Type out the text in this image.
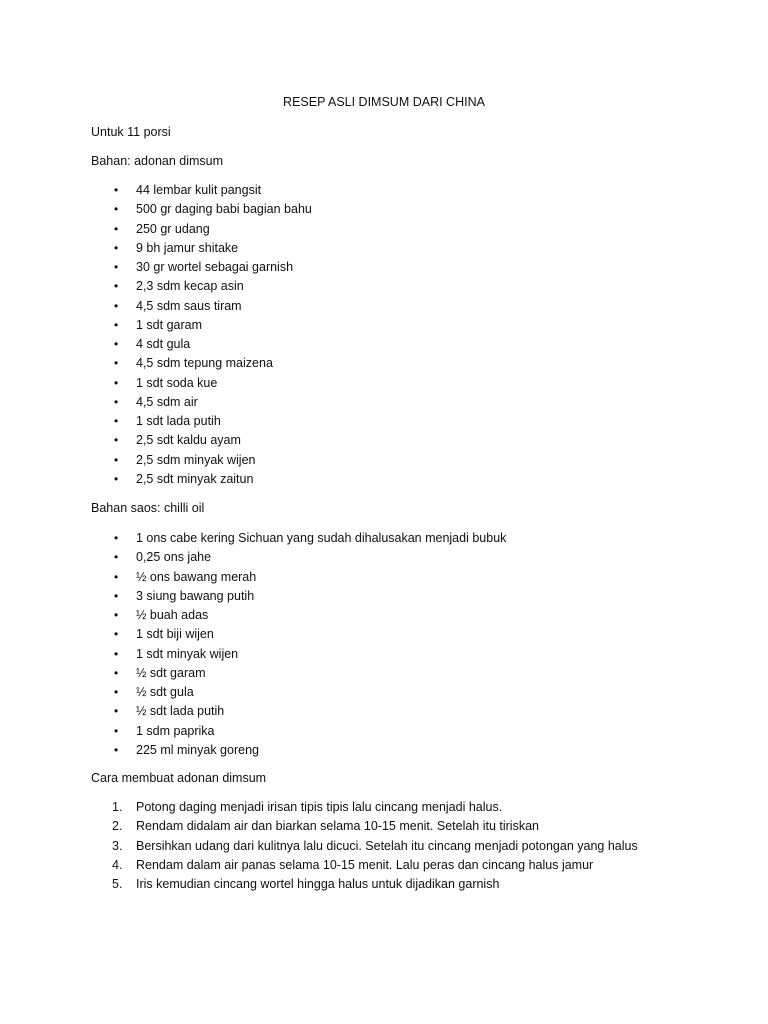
RESEP ASLI DIMSUM DARI CHINA
Untuk 11 porsi
Bahan: adonan dimsum
• 44 lembar kulit pangsit
• 500 gr daging babi bagian bahu
• 250 gr udang
• 9 bh jamur shitake
• 30 gr wortel sebagai garnish
• 2,3 sdm kecap asin
• 4,5 sdm saus tiram
• 1 sdt garam
• 4 sdt gula
• 4,5 sdm tepung maizena
• 1 sdt soda kue
• 4,5 sdm air
• 1 sdt lada putih
• 2,5 sdt kaldu ayam
• 2,5 sdm minyak wijen
• 2,5 sdt minyak zaitun
Bahan saos: chilli oil
• 1 ons cabe kering Sichuan yang sudah dihalusakan menjadi bubuk
• 0,25 ons jahe
• ½ ons bawang merah
• 3 siung bawang putih
• ½ buah adas
• 1 sdt biji wijen
• 1 sdt minyak wijen
• ½ sdt garam
• ½ sdt gula
• ½ sdt lada putih
• 1 sdm paprika
• 225 ml minyak goreng
Cara membuat adonan dimsum
1. Potong daging menjadi irisan tipis tipis lalu cincang menjadi halus.
2. Rendam didalam air dan biarkan selama 10-15 menit. Setelah itu tiriskan
3. Bersihkan udang dari kulitnya lalu dicuci. Setelah itu cincang menjadi potongan yang halus
4. Rendam dalam air panas selama 10-15 menit. Lalu peras dan cincang halus jamur
5. Iris kemudian cincang wortel hingga halus untuk dijadikan garnish
